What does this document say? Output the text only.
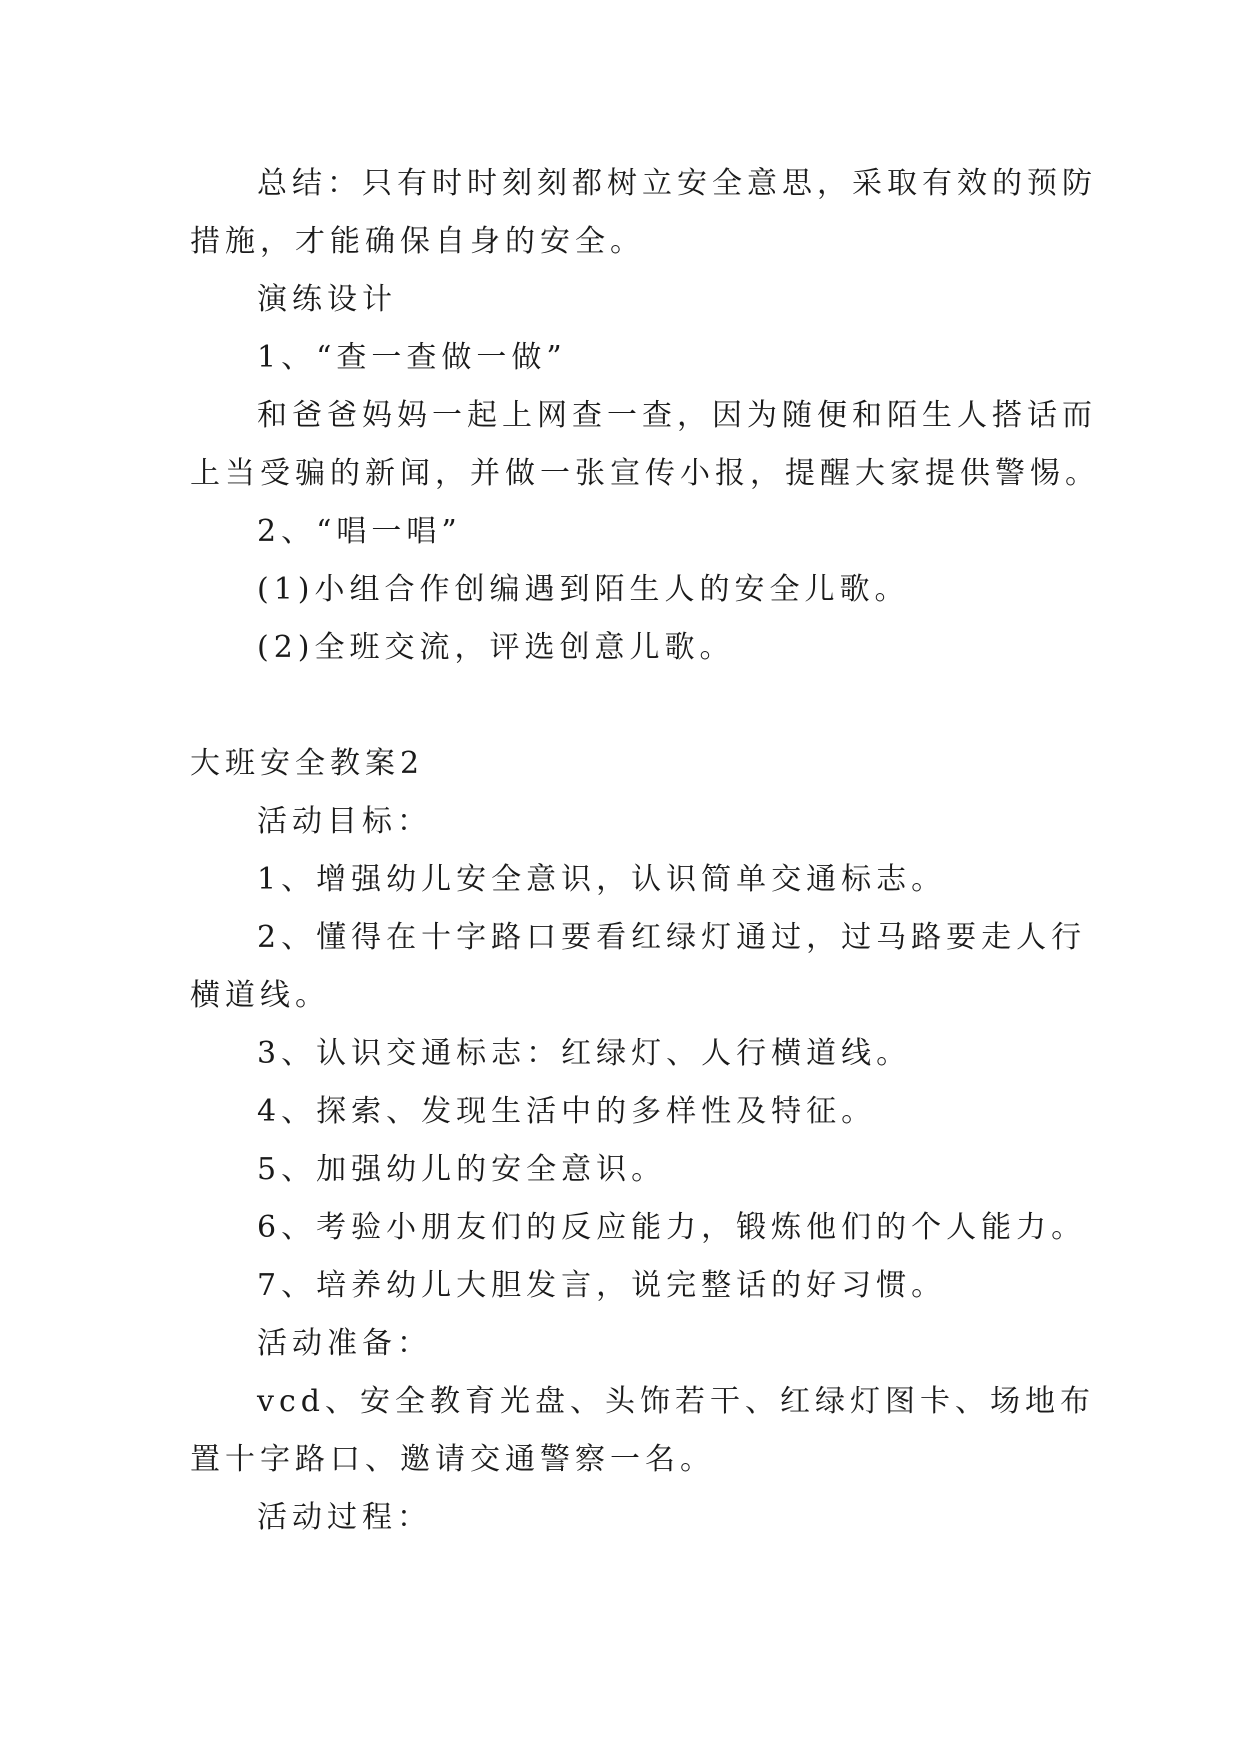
总结：只有时时刻刻都树立安全意思，采取有效的预防
措施，才能确保自身的安全。
演练设计
1、“查一查做一做”
和爸爸妈妈一起上网查一查，因为随便和陌生人搭话而
上当受骗的新闻，并做一张宣传小报，提醒大家提供警惕。
2、“唱一唱”
(1)小组合作创编遇到陌生人的安全儿歌。
(2)全班交流，评选创意儿歌。
大班安全教案2
活动目标：
1、增强幼儿安全意识，认识简单交通标志。
2、懂得在十字路口要看红绿灯通过，过马路要走人行
横道线。
3、认识交通标志：红绿灯、人行横道线。
4、探索、发现生活中的多样性及特征。
5、加强幼儿的安全意识。
6、考验小朋友们的反应能力，锻炼他们的个人能力。
7、培养幼儿大胆发言，说完整话的好习惯。
活动准备：
vcd、安全教育光盘、头饰若干、红绿灯图卡、场地布
置十字路口、邀请交通警察一名。
活动过程：
